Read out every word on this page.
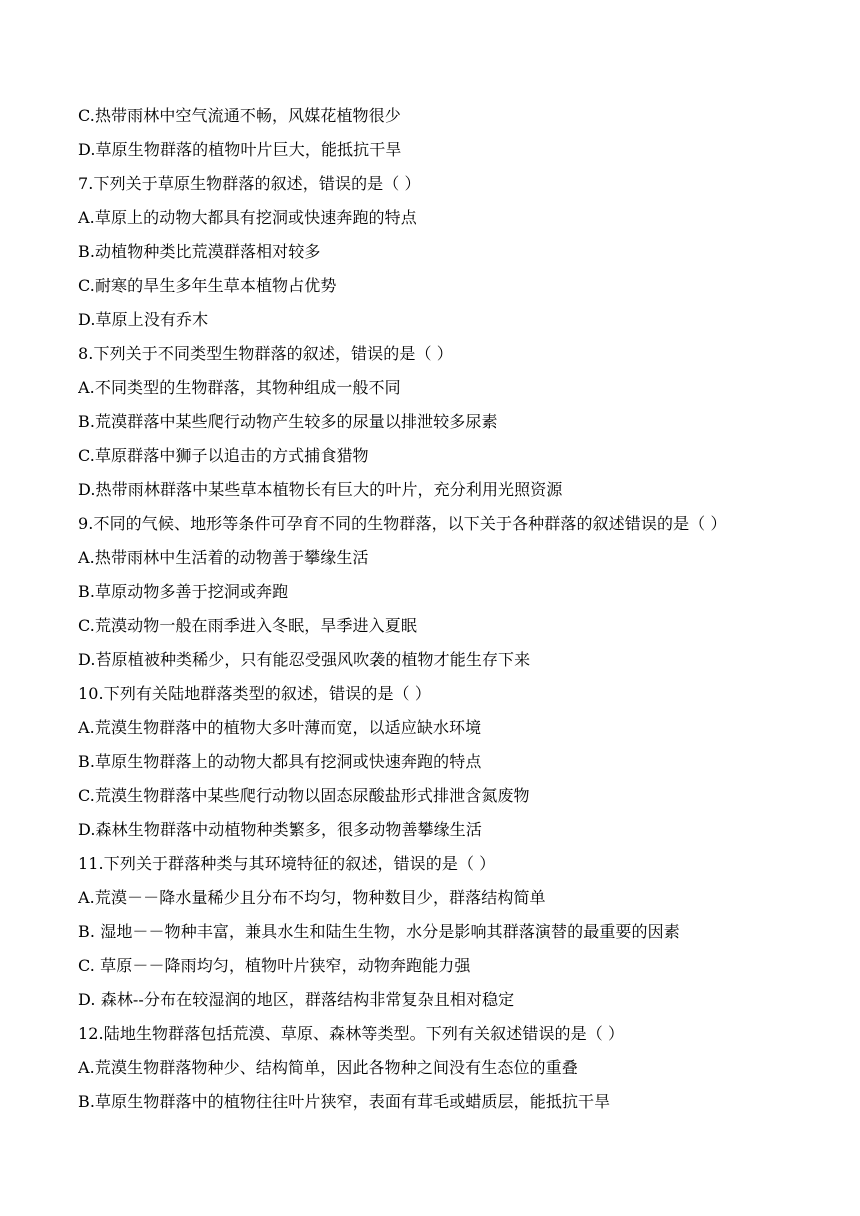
C.热带雨林中空气流通不畅，风媒花植物很少
D.草原生物群落的植物叶片巨大，能抵抗干旱
7.下列关于草原生物群落的叙述，错误的是（ ）
A.草原上的动物大都具有挖洞或快速奔跑的特点
B.动植物种类比荒漠群落相对较多
C.耐寒的旱生多年生草本植物占优势
D.草原上没有乔木
8.下列关于不同类型生物群落的叙述，错误的是（ ）
A.不同类型的生物群落，其物种组成一般不同
B.荒漠群落中某些爬行动物产生较多的尿量以排泄较多尿素
C.草原群落中狮子以追击的方式捕食猎物
D.热带雨林群落中某些草本植物长有巨大的叶片，充分利用光照资源
9.不同的气候、地形等条件可孕育不同的生物群落，以下关于各种群落的叙述错误的是（ ）
A.热带雨林中生活着的动物善于攀缘生活
B.草原动物多善于挖洞或奔跑
C.荒漠动物一般在雨季进入冬眠，旱季进入夏眠
D.苔原植被种类稀少，只有能忍受强风吹袭的植物才能生存下来
10.下列有关陆地群落类型的叙述，错误的是（ ）
A.荒漠生物群落中的植物大多叶薄而宽，以适应缺水环境
B.草原生物群落上的动物大都具有挖洞或快速奔跑的特点
C.荒漠生物群落中某些爬行动物以固态尿酸盐形式排泄含氮废物
D.森林生物群落中动植物种类繁多，很多动物善攀缘生活
11.下列关于群落种类与其环境特征的叙述，错误的是（ ）
A.荒漠－－降水量稀少且分布不均匀，物种数目少，群落结构简单
B. 湿地－－物种丰富，兼具水生和陆生生物，水分是影响其群落演替的最重要的因素
C. 草原－－降雨均匀，植物叶片狭窄，动物奔跑能力强
D. 森林--分布在较湿润的地区，群落结构非常复杂且相对稳定
12.陆地生物群落包括荒漠、草原、森林等类型。下列有关叙述错误的是（ ）
A.荒漠生物群落物种少、结构简单，因此各物种之间没有生态位的重叠
B.草原生物群落中的植物往往叶片狭窄，表面有茸毛或蜡质层，能抵抗干旱
